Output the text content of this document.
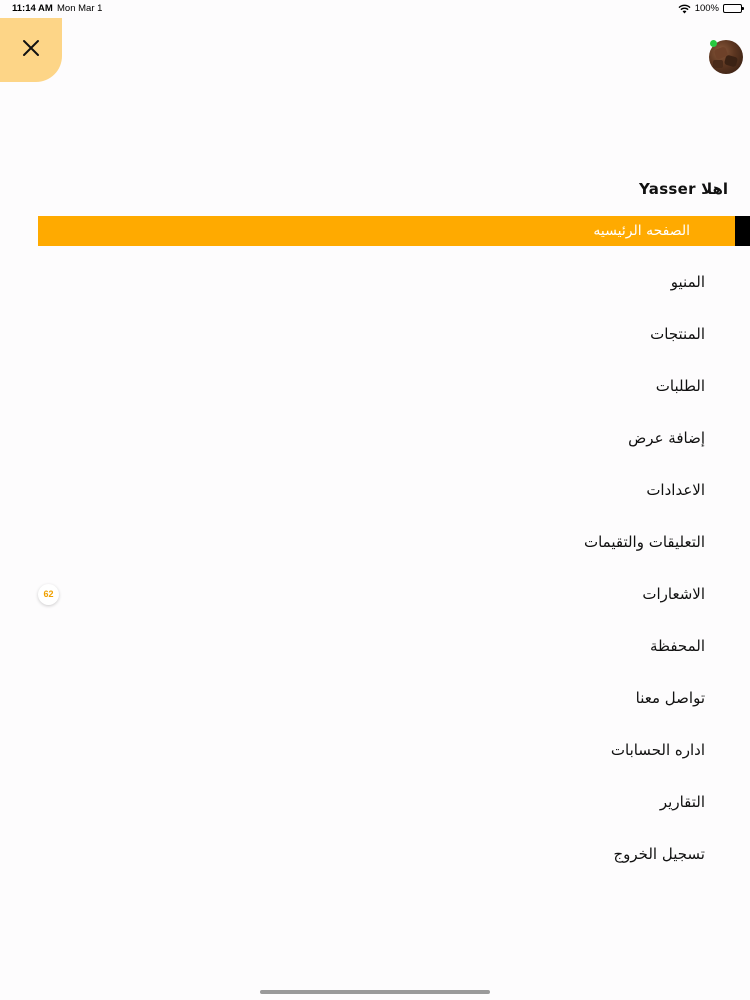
11:14 AM Mon Mar 1	100%
اهلا Yasser
الصفحه الرئيسيه
المنيو
المنتجات
الطلبات
إضافة عرض
الاعدادات
التعليقات والتقيمات
الاشعارات
المحفظة
تواصل معنا
اداره الحسابات
التقارير
تسجيل الخروج
62
